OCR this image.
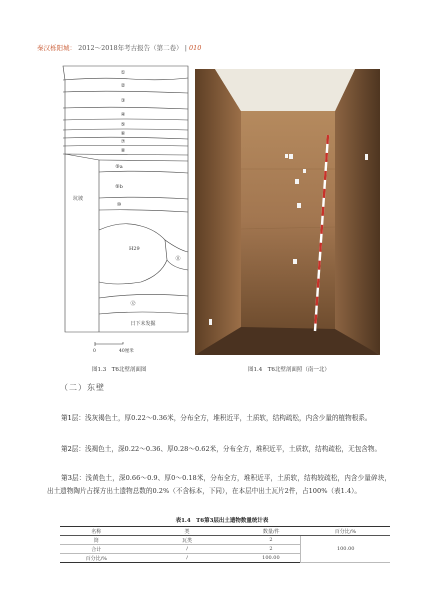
秦汉栎阳城： 2012～2018年考古报告（第二卷） | 010
①
②
③
④
⑤
⑥
⑦
⑧
⑨a
⑨b
⑩
⑪
⑫
坑坡
H29
日下未发掘
0	40厘米
图1.3　T6北壁剖面图	图1.4　T6北壁剖面照（南一北）
（二）东壁
第1层：浅灰褐色土，厚0.22～0.36米，分布全方，堆积近平，土质软，结构疏松，内含少量的植物根系。
第2层：浅褐色土，深0.22～0.36、厚0.28～0.62米，分布全方，堆积近平，土质软，结构疏松，无包含物。
第3层：浅黄色土，深0.66～0.9、厚0～0.18米，分布全方，堆积近平，土质软，结构较疏松，内含少量碎块，出土遗物陶片占探方出土遗物总数的0.2%（不含标本，下同），在本层中出土瓦片2件，占100%（表1.4）。
表1.4　T6第3层出土遗物数量统计表
名称	类	数量/件	百分比/%
筒	瓦类	2	100.00
合计	/	2	
百分比/%	/	100.00	
